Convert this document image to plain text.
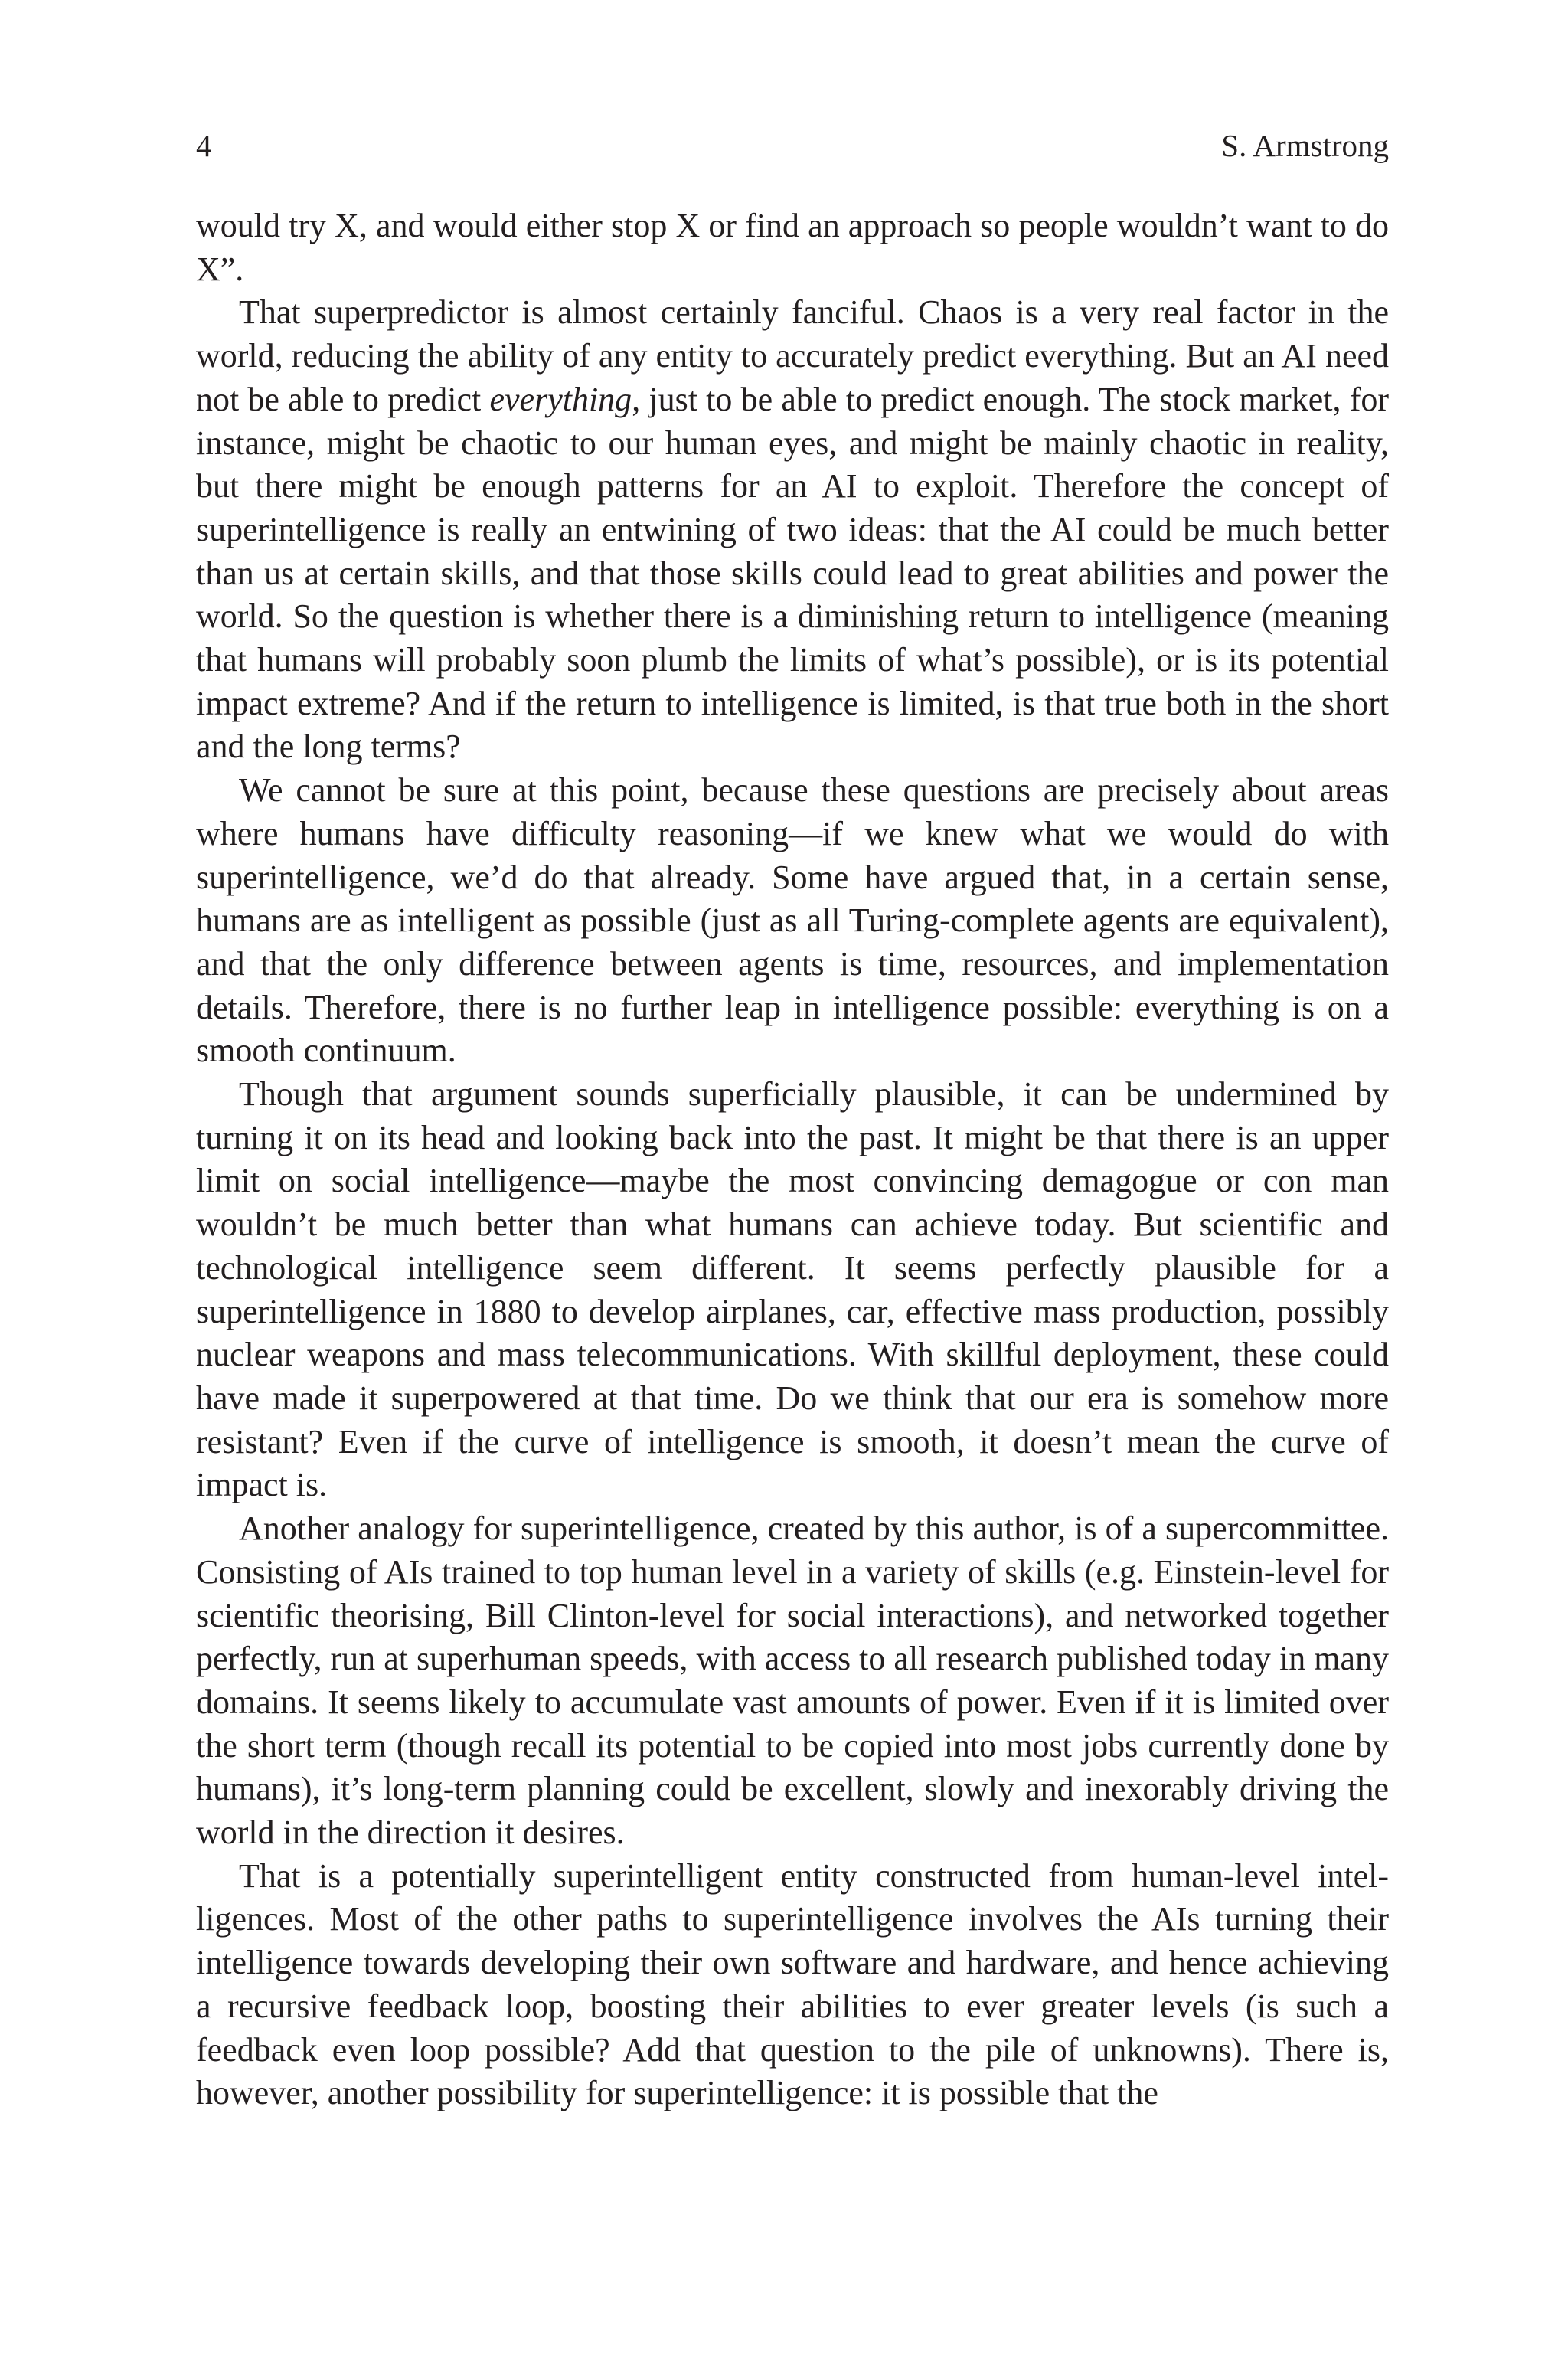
4	S. Armstrong

would try X, and would either stop X or find an approach so people wouldn’t want to do X”.

That superpredictor is almost certainly fanciful. Chaos is a very real factor in the world, reducing the ability of any entity to accurately predict everything. But an AI need not be able to predict everything, just to be able to predict enough. The stock market, for instance, might be chaotic to our human eyes, and might be mainly chaotic in reality, but there might be enough patterns for an AI to exploit. Therefore the concept of superintelligence is really an entwining of two ideas: that the AI could be much better than us at certain skills, and that those skills could lead to great abilities and power the world. So the question is whether there is a diminishing return to intelligence (meaning that humans will probably soon plumb the limits of what’s possible), or is its potential impact extreme? And if the return to intelligence is limited, is that true both in the short and the long terms?

We cannot be sure at this point, because these questions are precisely about areas where humans have difficulty reasoning—if we knew what we would do with superintelligence, we’d do that already. Some have argued that, in a certain sense, humans are as intelligent as possible (just as all Turing-complete agents are equivalent), and that the only difference between agents is time, resources, and implementation details. Therefore, there is no further leap in intelligence possible: everything is on a smooth continuum.

Though that argument sounds superficially plausible, it can be undermined by turning it on its head and looking back into the past. It might be that there is an upper limit on social intelligence—maybe the most convincing demagogue or con man wouldn’t be much better than what humans can achieve today. But scientific and technological intelligence seem different. It seems perfectly plausible for a superintelligence in 1880 to develop airplanes, car, effective mass production, possibly nuclear weapons and mass telecommunications. With skillful deployment, these could have made it superpowered at that time. Do we think that our era is somehow more resistant? Even if the curve of intelligence is smooth, it doesn’t mean the curve of impact is.

Another analogy for superintelligence, created by this author, is of a supercommittee. Consisting of AIs trained to top human level in a variety of skills (e.g. Einstein-level for scientific theorising, Bill Clinton-level for social interactions), and networked together perfectly, run at superhuman speeds, with access to all research published today in many domains. It seems likely to accumulate vast amounts of power. Even if it is limited over the short term (though recall its potential to be copied into most jobs currently done by humans), it’s long-term planning could be excellent, slowly and inexorably driving the world in the direction it desires.

That is a potentially superintelligent entity constructed from human-level intelligences. Most of the other paths to superintelligence involves the AIs turning their intelligence towards developing their own software and hardware, and hence achieving a recursive feedback loop, boosting their abilities to ever greater levels (is such a feedback even loop possible? Add that question to the pile of unknowns). There is, however, another possibility for superintelligence: it is possible that the
